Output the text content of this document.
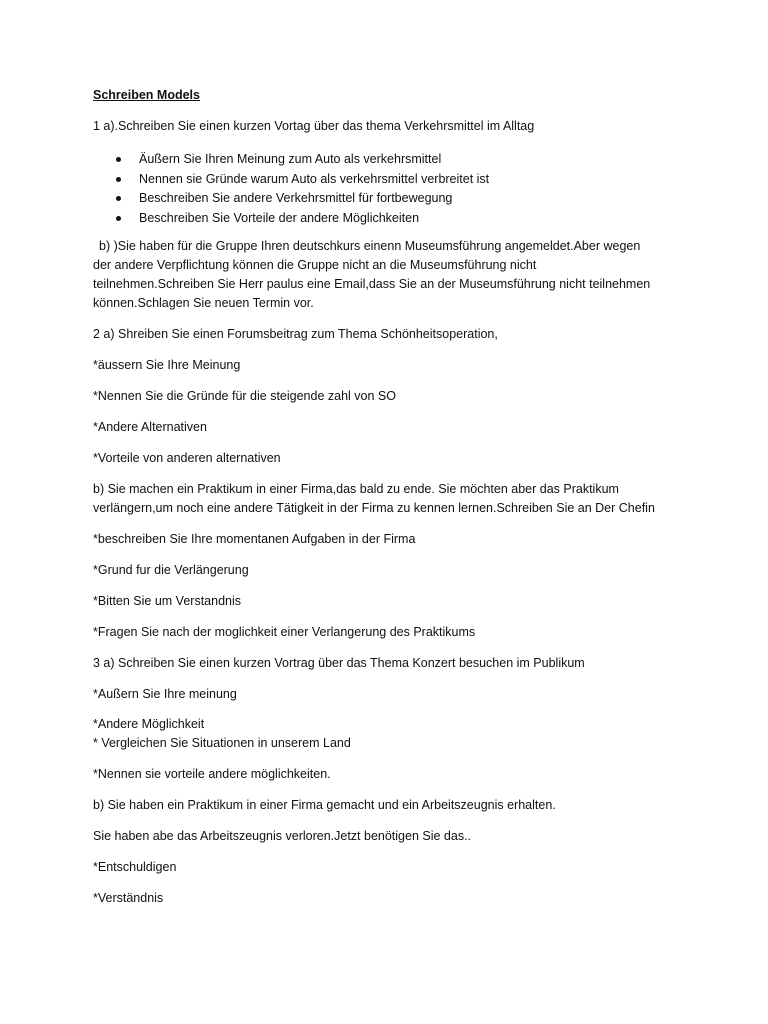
Schreiben Models
1 a).Schreiben Sie einen kurzen Vortag über das thema Verkehrsmittel im Alltag
Äußern Sie Ihren Meinung zum Auto als verkehrsmittel
Nennen sie Gründe warum Auto als verkehrsmittel verbreitet ist
Beschreiben Sie andere Verkehrsmittel für fortbewegung
Beschreiben Sie Vorteile der andere Möglichkeiten
b) )Sie haben für die Gruppe Ihren deutschkurs einenn Museumsführung angemeldet.Aber wegen
der andere Verpflichtung können die Gruppe nicht an die Museumsführung nicht
teilnehmen.Schreiben Sie Herr paulus eine Email,dass Sie an der Museumsführung nicht teilnehmen
können.Schlagen Sie neuen Termin vor.
2 a) Shreiben Sie einen Forumsbeitrag zum Thema Schönheitsoperation,
*äussern Sie Ihre Meinung
*Nennen Sie die Gründe für die steigende zahl von SO
*Andere Alternativen
*Vorteile von anderen alternativen
b) Sie machen ein Praktikum in einer Firma,das bald zu ende. Sie möchten aber das Praktikum
verlängern,um noch eine andere Tätigkeit in der Firma zu kennen lernen.Schreiben Sie an Der Chefin
*beschreiben Sie Ihre momentanen Aufgaben in der Firma
*Grund fur die Verlängerung
*Bitten Sie um Verstandnis
*Fragen Sie nach der moglichkeit einer Verlangerung des Praktikums
3 a) Schreiben Sie einen kurzen Vortrag über das Thema Konzert besuchen im Publikum
*Außern Sie Ihre meinung
*Andere Möglichkeit
* Vergleichen Sie Situationen in unserem Land
*Nennen sie vorteile andere möglichkeiten.
b) Sie haben ein Praktikum in einer Firma gemacht und ein Arbeitszeugnis erhalten.
Sie haben abe das Arbeitszeugnis verloren.Jetzt benötigen Sie das..
*Entschuldigen
*Verständnis
